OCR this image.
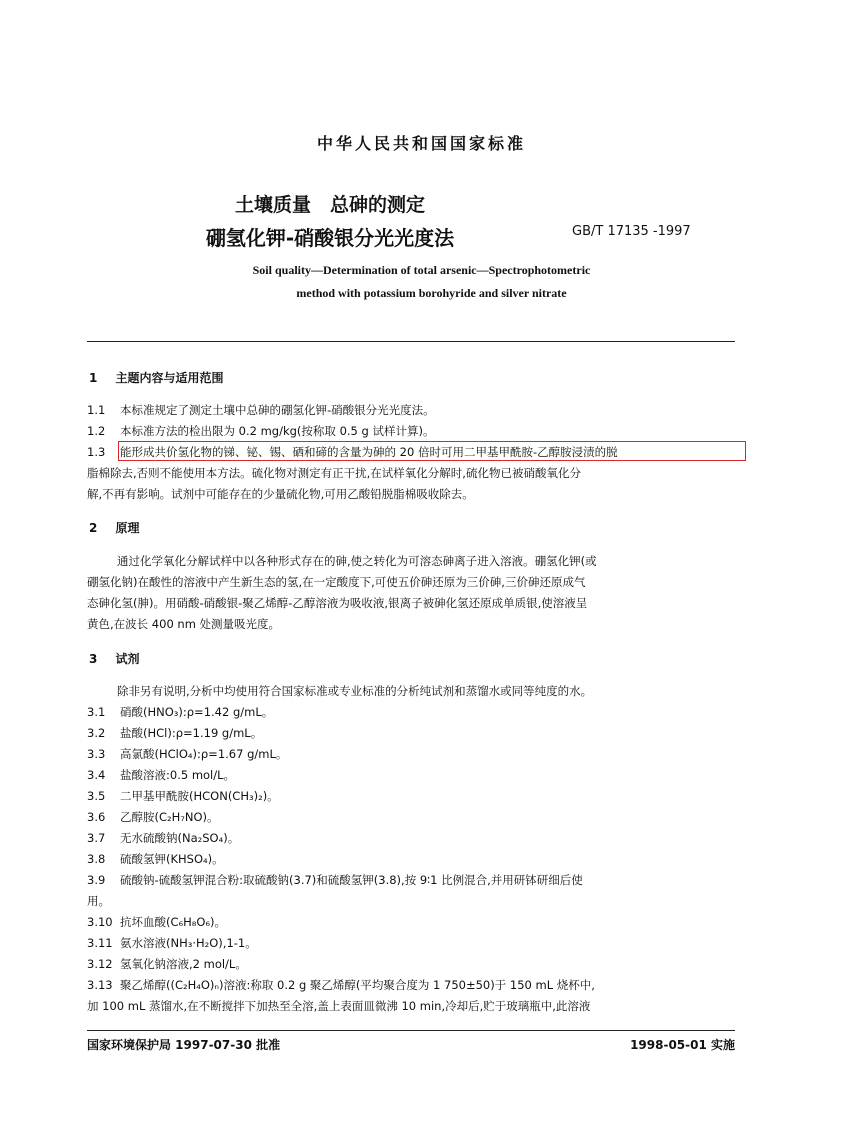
中华人民共和国国家标准
土壤质量　总砷的测定
硼氢化钾-硝酸银分光光度法	GB/T 17135 -1997
Soil quality—Determination of total arsenic—Spectrophotometric
method with potassium borohyride and silver nitrate
1 主题内容与适用范围
1.1 本标准规定了测定土壤中总砷的硼氢化钾-硝酸银分光光度法。
1.2 本标准方法的检出限为 0.2 mg/kg(按称取 0.5 g 试样计算)。
1.3 能形成共价氢化物的锑、铋、锡、硒和碲的含量为砷的 20 倍时可用二甲基甲酰胺-乙醇胺浸渍的脱
脂棉除去,否则不能使用本方法。硫化物对测定有正干扰,在试样氧化分解时,硫化物已被硝酸氧化分
解,不再有影响。试剂中可能存在的少量硫化物,可用乙酸铅脱脂棉吸收除去。
2 原理
通过化学氧化分解试样中以各种形式存在的砷,使之转化为可溶态砷离子进入溶液。硼氢化钾(或
硼氢化钠)在酸性的溶液中产生新生态的氢,在一定酸度下,可使五价砷还原为三价砷,三价砷还原成气
态砷化氢(胂)。用硝酸-硝酸银-聚乙烯醇-乙醇溶液为吸收液,银离子被砷化氢还原成单质银,使溶液呈
黄色,在波长 400 nm 处测量吸光度。
3 试剂
除非另有说明,分析中均使用符合国家标准或专业标准的分析纯试剂和蒸馏水或同等纯度的水。
3.1 硝酸(HNO₃):ρ=1.42 g/mL。
3.2 盐酸(HCl):ρ=1.19 g/mL。
3.3 高氯酸(HClO₄):ρ=1.67 g/mL。
3.4 盐酸溶液:0.5 mol/L。
3.5 二甲基甲酰胺(HCON(CH₃)₂)。
3.6 乙醇胺(C₂H₇NO)。
3.7 无水硫酸钠(Na₂SO₄)。
3.8 硫酸氢钾(KHSO₄)。
3.9 硫酸钠-硫酸氢钾混合粉:取硫酸钠(3.7)和硫酸氢钾(3.8),按 9∶1 比例混合,并用研钵研细后使
用。
3.10 抗坏血酸(C₆H₈O₆)。
3.11 氨水溶液(NH₃·H₂O),1-1。
3.12 氢氧化钠溶液,2 mol/L。
3.13 聚乙烯醇((C₂H₄O)ₙ)溶液:称取 0.2 g 聚乙烯醇(平均聚合度为 1 750±50)于 150 mL 烧杯中,
加 100 mL 蒸馏水,在不断搅拌下加热至全溶,盖上表面皿微沸 10 min,冷却后,贮于玻璃瓶中,此溶液
国家环境保护局 1997-07-30 批准	1998-05-01 实施
